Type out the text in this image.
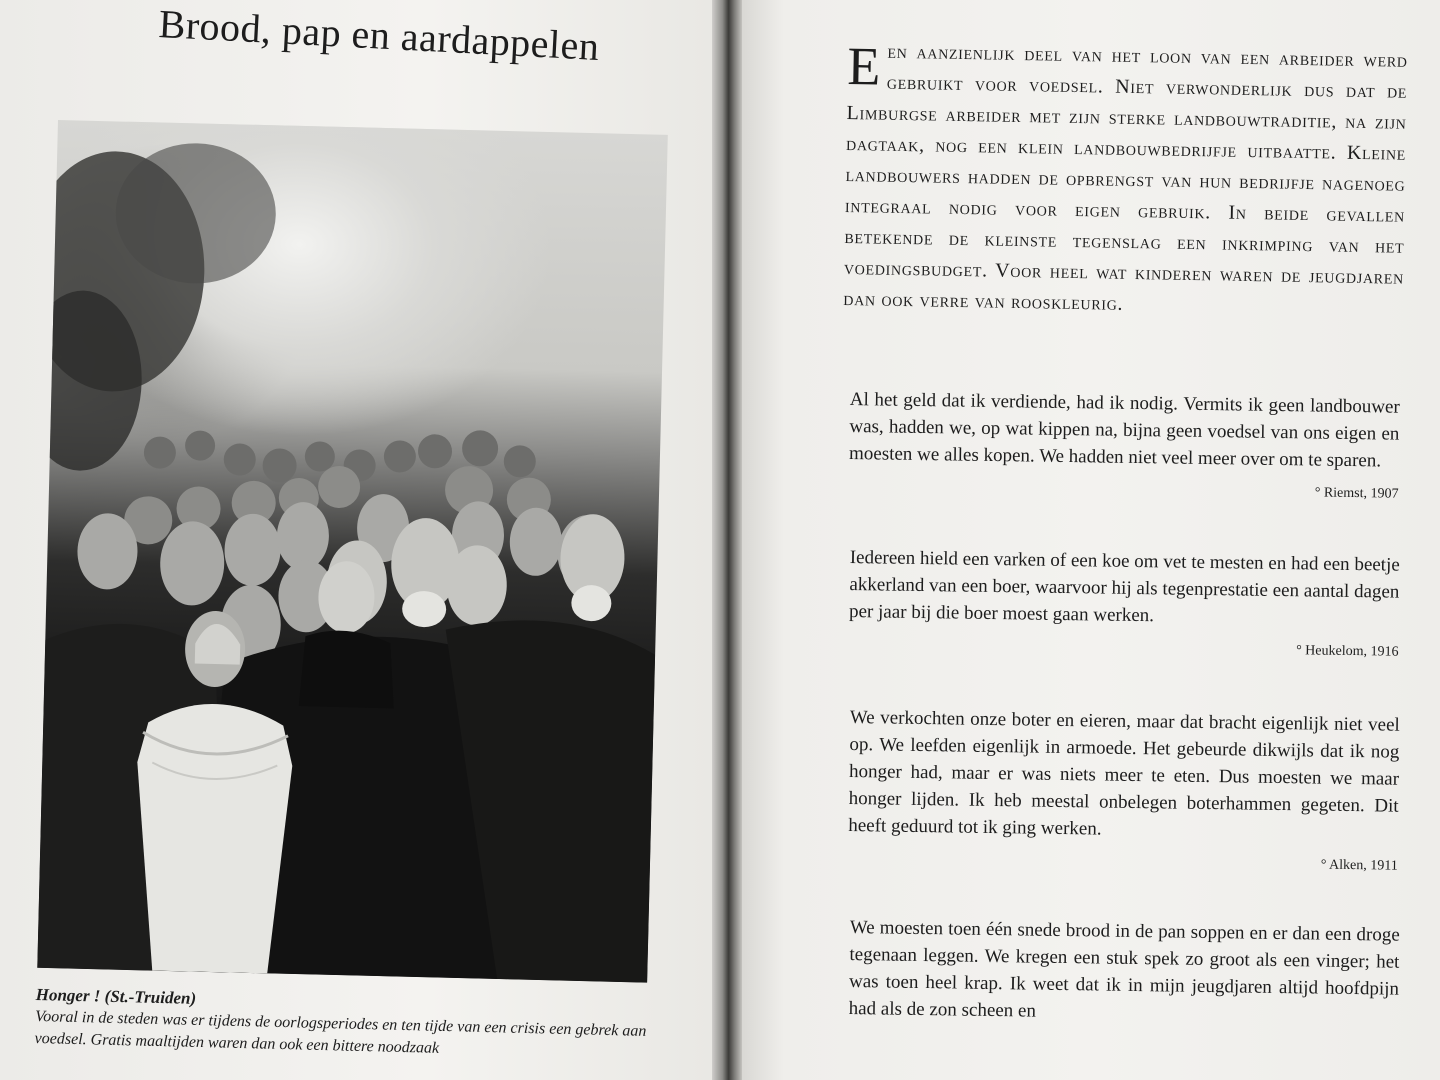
Brood, pap en aardappelen
Honger ! (St.-Truiden)
Vooral in de steden was er tijdens de oorlogsperiodes en ten tijde van een crisis een gebrek aan voedsel. Gratis maaltijden waren dan ook een bittere noodzaak
Een aanzienlijk deel van het loon van een arbeider werd gebruikt voor voedsel. Niet verwonderlijk dus dat de Limburgse arbeider met zijn sterke landbouwtraditie, na zijn dagtaak, nog een klein landbouwbedrijfje uitbaatte. Kleine landbouwers hadden de opbrengst van hun bedrijfje nagenoeg integraal nodig voor eigen gebruik. In beide gevallen betekende de kleinste tegenslag een inkrimping van het voedingsbudget. Voor heel wat kinderen waren de jeugdjaren dan ook verre van rooskleurig.

Al het geld dat ik verdiende, had ik nodig. Vermits ik geen landbouwer was, hadden we, op wat kippen na, bijna geen voedsel van ons eigen en moesten we alles kopen. We hadden niet veel meer over om te sparen.

° Riemst, 1907

Iedereen hield een varken of een koe om vet te mesten en had een beetje akkerland van een boer, waarvoor hij als tegenprestatie een aantal dagen per jaar bij die boer moest gaan werken.

° Heukelom, 1916

We verkochten onze boter en eieren, maar dat bracht eigenlijk niet veel op. We leefden eigenlijk in armoede. Het gebeurde dikwijls dat ik nog honger had, maar er was niets meer te eten. Dus moesten we maar honger lijden. Ik heb meestal onbelegen boterhammen gegeten. Dit heeft geduurd tot ik ging werken.

° Alken, 1911

We moesten toen één snede brood in de pan soppen en er dan een droge tegenaan leggen. We kregen een stuk spek zo groot als een vinger; het was toen heel krap. Ik weet dat ik in mijn jeugdjaren altijd hoofdpijn had als de zon scheen en
